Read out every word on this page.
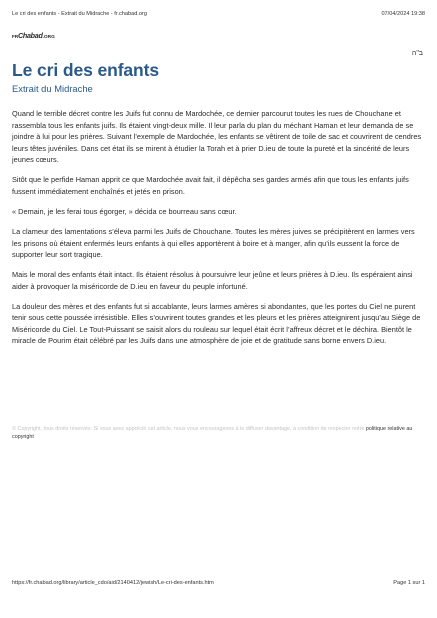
Le cri des enfants - Extrait du Midrache - fr.chabad.org	07/04/2024 19:38
FRChabad.ORG
ב"ה
Le cri des enfants
Extrait du Midrache

Quand le terrible décret contre les Juifs fut connu de Mardochée, ce dernier parcourut toutes les rues de Chouchane et rassembla tous les enfants juifs. Ils étaient vingt-deux mille. Il leur parla du plan du méchant Haman et leur demanda de se joindre à lui pour les prières. Suivant l’exemple de Mardochée, les enfants se vêtirent de toile de sac et couvrirent de cendres leurs têtes juvéniles. Dans cet état ils se mirent à étudier la Torah et à prier D.ieu de toute la pureté et la sincérité de leurs jeunes cœurs.

Sitôt que le perfide Haman apprit ce que Mardochée avait fait, il dépêcha ses gardes armés afin que tous les enfants juifs fussent immédiatement enchaînés et jetés en prison.

« Demain, je les ferai tous égorger, » décida ce bourreau sans cœur.

La clameur des lamentations s’éleva parmi les Juifs de Chouchane. Toutes les mères juives se précipitèrent en larmes vers les prisons où étaient enfermés leurs enfants à qui elles apportèrent à boire et à manger, afin qu’ils eussent la force de supporter leur sort tragique.

Mais le moral des enfants était intact. Ils étaient résolus à poursuivre leur jeûne et leurs prières à D.ieu. Ils espéraient ainsi aider à provoquer la miséricorde de D.ieu en faveur du peuple infortuné.

La douleur des mères et des enfants fut si accablante, leurs larmes amères si abondantes, que les portes du Ciel ne purent tenir sous cette poussée irrésistible. Elles s’ouvrirent toutes grandes et les pleurs et les prières atteignirent jusqu’au Siège de Miséricorde du Ciel. Le Tout-Puissant se saisit alors du rouleau sur lequel était écrit l’affreux décret et le déchira. Bientôt le miracle de Pourim était célébré par les Juifs dans une atmosphère de joie et de gratitude sans borne envers D.ieu.

© Copyright, tous droits réservés. Si vous avez apprécié cet article, nous vous encourageons à le diffuser davantage, à condition de respecter notre politique relative au copyright
https://fr.chabad.org/library/article_cdo/aid/2140412/jewish/Le-cri-des-enfants.htm	Page 1 sur 1
